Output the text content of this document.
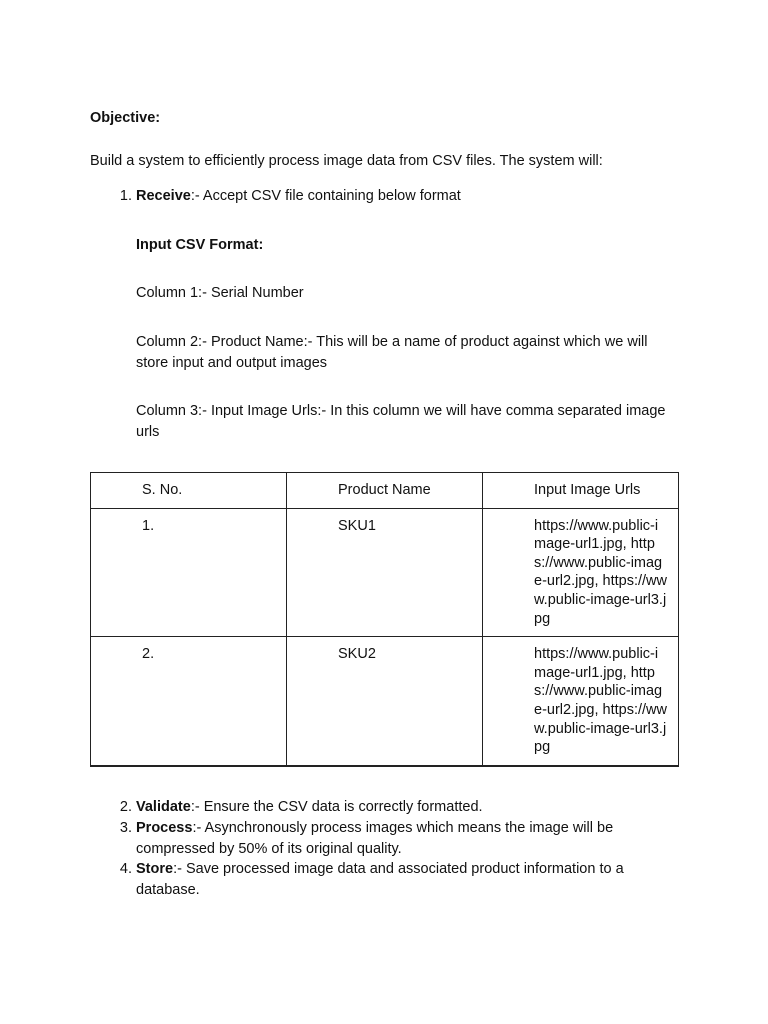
Objective:
Build a system to efficiently process image data from CSV files. The system will:
1. Receive:- Accept CSV file containing below format
Input CSV Format:
Column 1:- Serial Number
Column 2:- Product Name:- This will be a name of product against which we will store input and output images
Column 3:- Input Image Urls:- In this column we will have comma separated image urls
S. No.	Product Name	Input Image Urls
1.	SKU1	https://www.public-image-url1.jpg, https://www.public-image-url2.jpg, https://www.public-image-url3.jpg
2.	SKU2	https://www.public-image-url1.jpg, https://www.public-image-url2.jpg, https://www.public-image-url3.jpg
2. Validate:- Ensure the CSV data is correctly formatted.
3. Process:- Asynchronously process images which means the image will be compressed by 50% of its original quality.
4. Store:- Save processed image data and associated product information to a database.
